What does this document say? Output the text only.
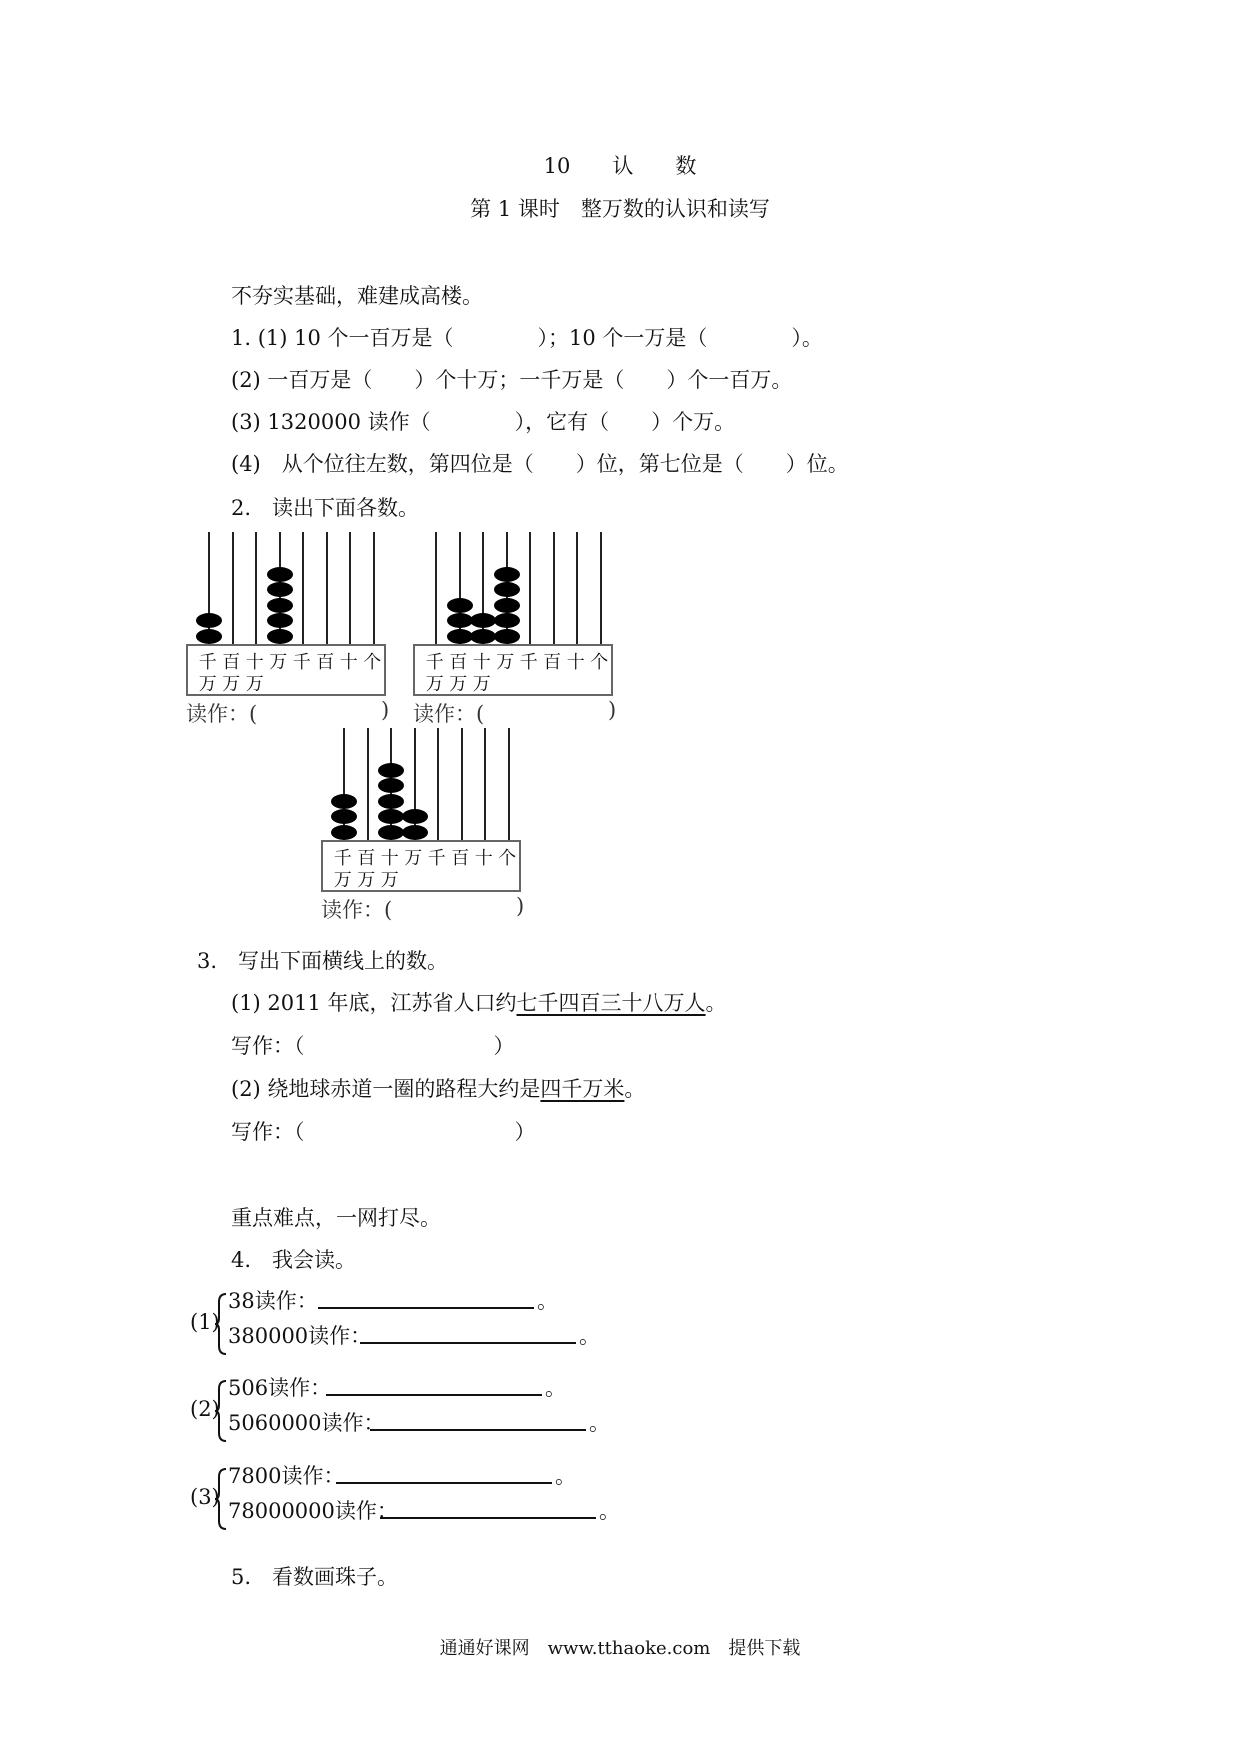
10　　认　　数
第 1 课时　整万数的认识和读写
不夯实基础，难建成高楼。
1. (1) 10 个一百万是（　　　　）；10 个一万是（　　　　）。
(2) 一百万是（　　）个十万；一千万是（　　）个一百万。
(3) 1320000 读作（　　　　），它有（　　）个万。
(4)　从个位往左数，第四位是（　　）位，第七位是（　　）位。
2.　读出下面各数。
千 百 十 万 千 百 十 个
万 万 万
读作：(	)
千 百 十 万 千 百 十 个
万 万 万
读作：(	)
千 百 十 万 千 百 十 个
万 万 万
读作：(	)
3.　写出下面横线上的数。
(1) 2011 年底，江苏省人口约七千四百三十八万人。
写作：（　　　　　　　　　）
(2) 绕地球赤道一圈的路程大约是四千万米。
写作：（　　　　　　　　　　）
重点难点，一网打尽。
4.　我会读。
(1)
38读作：	。
380000读作：	。
(2)
506读作：	。
5060000读作：	。
(3)
7800读作：	。
78000000读作：	。
5.　看数画珠子。
通通好课网　www.tthaoke.com　提供下载
